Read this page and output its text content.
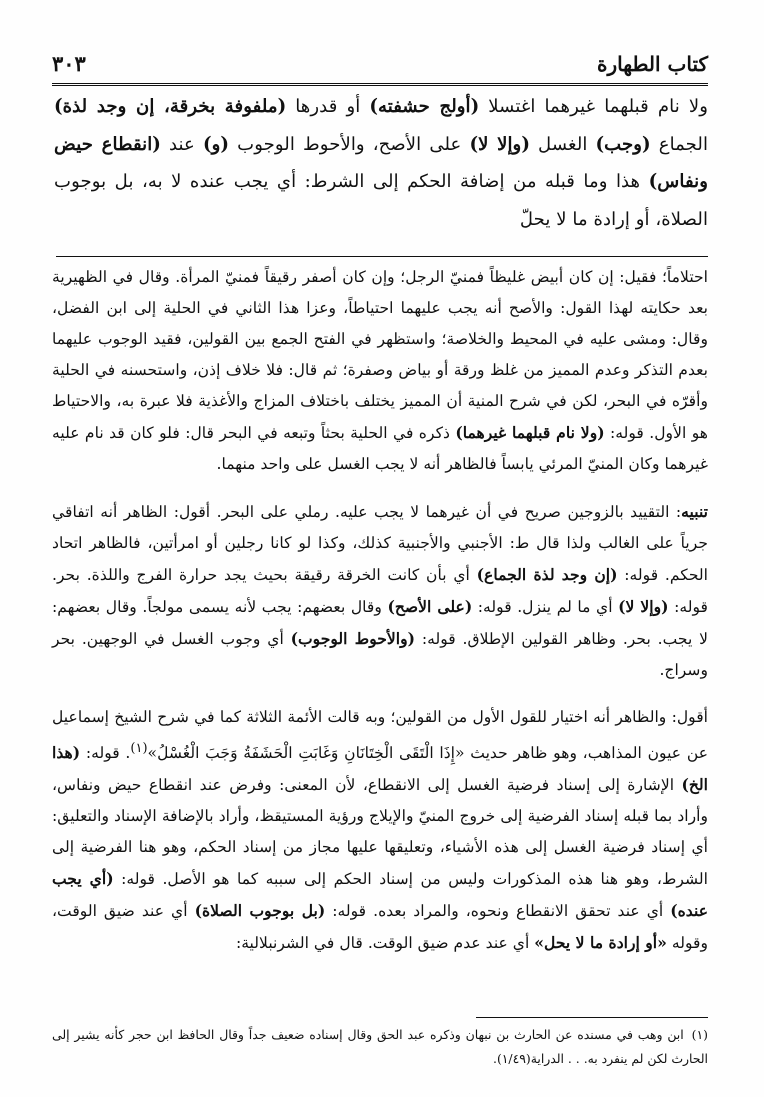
كتاب الطهارة
٣٠٣

ولا نام قبلهما غيرهما اغتسلا (أولج حشفته) أو قدرها (ملفوفة بخرقة، إن وجد لذة) الجماع (وجب) الغسل (وإلا لا) على الأصح، والأحوط الوجوب (و) عند (انقطاع حيض ونفاس) هذا وما قبله من إضافة الحكم إلى الشرط: أي يجب عنده لا به، بل بوجوب الصلاة، أو إرادة ما لا يحلّ

احتلاماً؛ فقيل: إن كان أبيض غليظاً فمنيّ الرجل؛ وإن كان أصفر رقيقاً فمنيّ المرأة. وقال في الظهيرية بعد حكايته لهذا القول: والأصح أنه يجب عليهما احتياطاً، وعزا هذا الثاني في الحلية إلى ابن الفضل، وقال: ومشى عليه في المحيط والخلاصة؛ واستظهر في الفتح الجمع بين القولين، فقيد الوجوب عليهما بعدم التذكر وعدم المميز من غلظ ورقة أو بياض وصفرة؛ ثم قال: فلا خلاف إذن، واستحسنه في الحلية وأقرّه في البحر، لكن في شرح المنية أن المميز يختلف باختلاف المزاج والأغذية فلا عبرة به، والاحتياط هو الأول. قوله: (ولا نام قبلهما غيرهما) ذكره في الحلية بحثاً وتبعه في البحر قال: فلو كان قد نام عليه غيرهما وكان المنيّ المرئي يابساً فالظاهر أنه لا يجب الغسل على واحد منهما.

تنبيه: التقييد بالزوجين صريح في أن غيرهما لا يجب عليه. رملي على البحر. أقول: الظاهر أنه اتفاقي جرياً على الغالب ولذا قال ط: الأجنبي والأجنبية كذلك، وكذا لو كانا رجلين أو امرأتين، فالظاهر اتحاد الحكم. قوله: (إن وجد لذة الجماع) أي بأن كانت الخرقة رقيقة بحيث يجد حرارة الفرج واللذة. بحر. قوله: (وإلا لا) أي ما لم ينزل. قوله: (على الأصح) وقال بعضهم: يجب لأنه يسمى مولجاً. وقال بعضهم: لا يجب. بحر. وظاهر القولين الإطلاق. قوله: (والأحوط الوجوب) أي وجوب الغسل في الوجهين. بحر وسراج.

أقول: والظاهر أنه اختيار للقول الأول من القولين؛ وبه قالت الأئمة الثلاثة كما في شرح الشيخ إسماعيل عن عيون المذاهب، وهو ظاهر حديث «إِذَا الْتَقَى الْخِتَانَانِ وَغَابَتِ الْحَشَفَةُ وَجَبَ الْغُسْلُ»$^{(١)}$. قوله: (هذا الخ) الإشارة إلى إسناد فرضية الغسل إلى الانقطاع، لأن المعنى: وفرض عند انقطاع حيض ونفاس، وأراد بما قبله إسناد الفرضية إلى خروج المنيّ والإيلاج ورؤية المستيقظ، وأراد بالإضافة الإسناد والتعليق: أي إسناد فرضية الغسل إلى هذه الأشياء، وتعليقها عليها مجاز من إسناد الحكم، وهو هنا الفرضية إلى الشرط، وهو هنا هذه المذكورات وليس من إسناد الحكم إلى سببه كما هو الأصل. قوله: (أي يجب عنده) أي عند تحقق الانقطاع ونحوه، والمراد بعده. قوله: (بل بوجوب الصلاة) أي عند ضيق الوقت، وقوله «أو إرادة ما لا يحل» أي عند عدم ضيق الوقت. قال في الشرنبلالية:

(١)ابن وهب في مسنده عن الحارث بن نبهان وذكره عبد الحق وقال إسناده ضعيف جداً وقال الحافظ ابن حجر كأنه يشير إلى الحارث لكن لم ينفرد به. . . الدراية(١/٤٩).
